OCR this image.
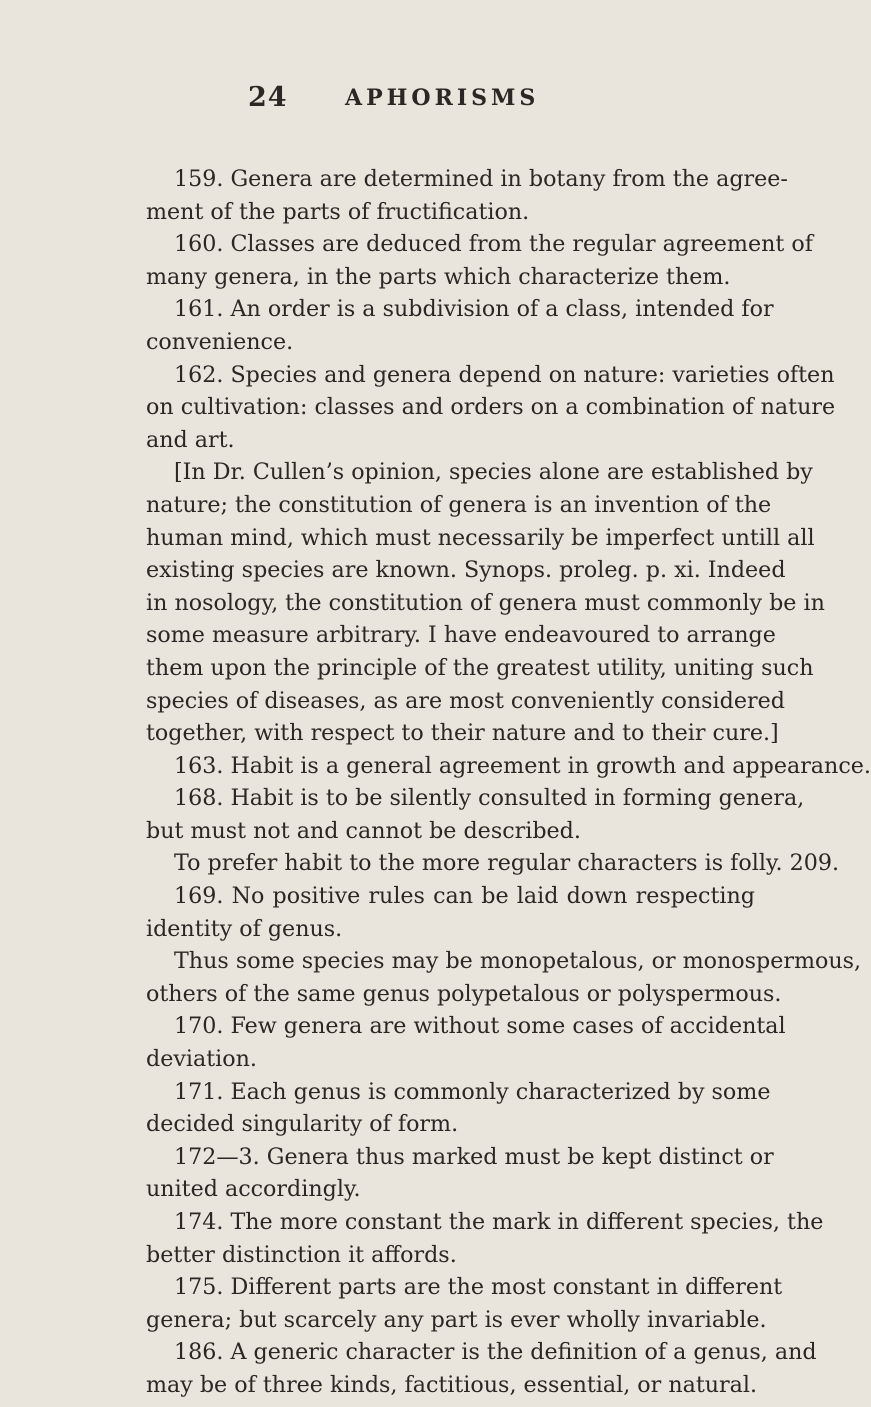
24	APHORISMS
159. Genera are determined in botany from the agree-
ment of the parts of fructification.
160. Classes are deduced from the regular agreement of
many genera, in the parts which characterize them.
161. An order is a subdivision of a class, intended for
convenience.
162. Species and genera depend on nature: varieties often
on cultivation: classes and orders on a combination of nature
and art.
[In Dr. Cullen’s opinion, species alone are established by
nature; the constitution of genera is an invention of the
human mind, which must necessarily be imperfect untill all
existing species are known. Synops. proleg. p. xi. Indeed
in nosology, the constitution of genera must commonly be in
some measure arbitrary. I have endeavoured to arrange
them upon the principle of the greatest utility, uniting such
species of diseases, as are most conveniently considered
together, with respect to their nature and to their cure.]
163. Habit is a general agreement in growth and appearance.
168. Habit is to be silently consulted in forming genera,
but must not and cannot be described.
To prefer habit to the more regular characters is folly. 209.
169. No positive rules can be laid down respecting
identity of genus.
Thus some species may be monopetalous, or monospermous,
others of the same genus polypetalous or polyspermous.
170. Few genera are without some cases of accidental
deviation.
171. Each genus is commonly characterized by some
decided singularity of form.
172—3. Genera thus marked must be kept distinct or
united accordingly.
174. The more constant the mark in different species, the
better distinction it affords.
175. Different parts are the most constant in different
genera; but scarcely any part is ever wholly invariable.
186. A generic character is the definition of a genus, and
may be of three kinds, factitious, essential, or natural.
